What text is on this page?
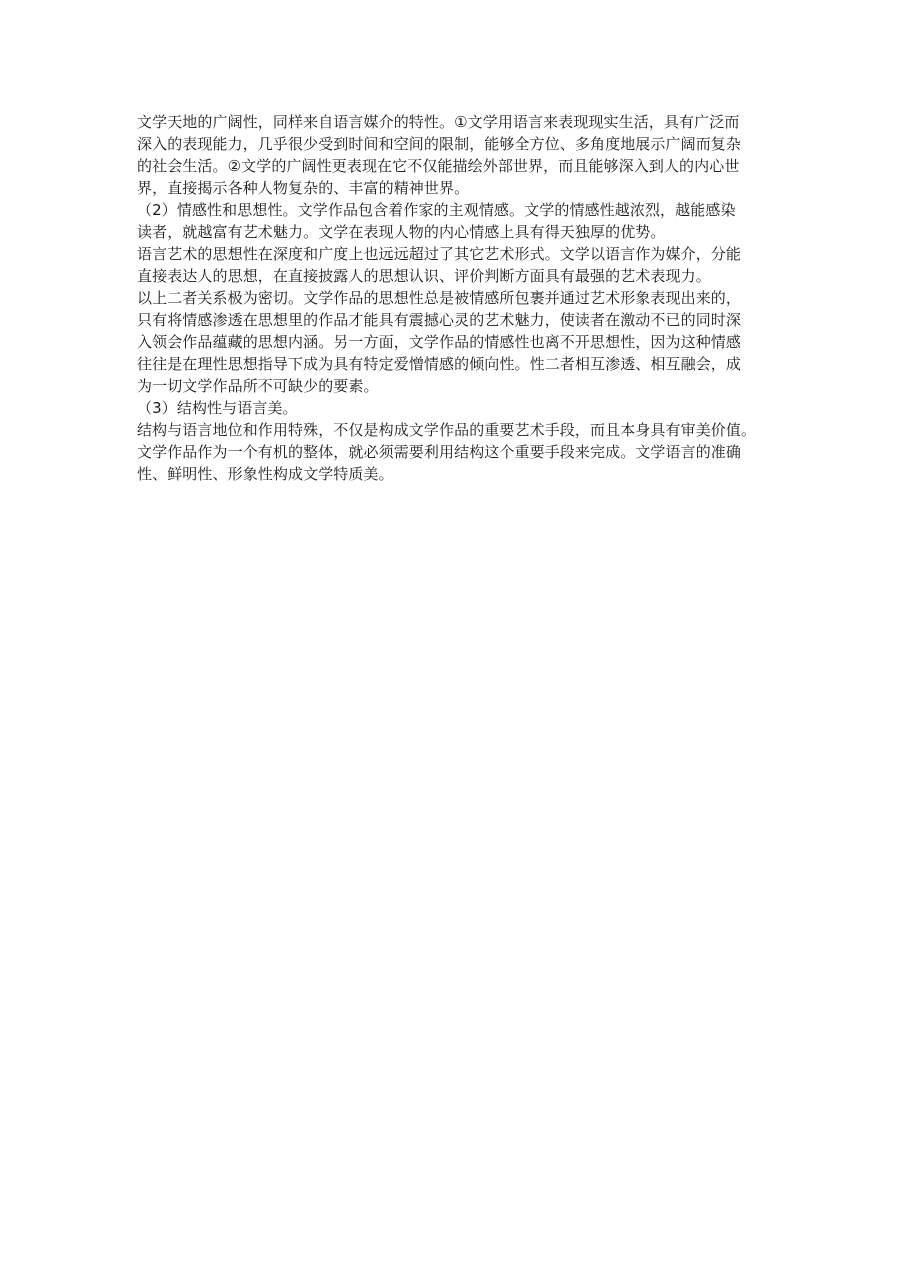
文学天地的广阔性，同样来自语言媒介的特性。①文学用语言来表现现实生活，具有广泛而
深入的表现能力，几乎很少受到时间和空间的限制，能够全方位、多角度地展示广阔而复杂
的社会生活。②文学的广阔性更表现在它不仅能描绘外部世界，而且能够深入到人的内心世
界，直接揭示各种人物复杂的、丰富的精神世界。
（2）情感性和思想性。文学作品包含着作家的主观情感。文学的情感性越浓烈，越能感染
读者，就越富有艺术魅力。文学在表现人物的内心情感上具有得天独厚的优势。
语言艺术的思想性在深度和广度上也远远超过了其它艺术形式。文学以语言作为媒介，分能
直接表达人的思想，在直接披露人的思想认识、评价判断方面具有最强的艺术表现力。
以上二者关系极为密切。文学作品的思想性总是被情感所包裹并通过艺术形象表现出来的，
只有将情感渗透在思想里的作品才能具有震撼心灵的艺术魅力，使读者在激动不已的同时深
入领会作品蕴藏的思想内涵。另一方面，文学作品的情感性也离不开思想性，因为这种情感
往往是在理性思想指导下成为具有特定爱憎情感的倾向性。性二者相互渗透、相互融会，成
为一切文学作品所不可缺少的要素。
（3）结构性与语言美。
结构与语言地位和作用特殊，不仅是构成文学作品的重要艺术手段，而且本身具有审美价值。
文学作品作为一个有机的整体，就必须需要利用结构这个重要手段来完成。文学语言的准确
性、鲜明性、形象性构成文学特质美。
